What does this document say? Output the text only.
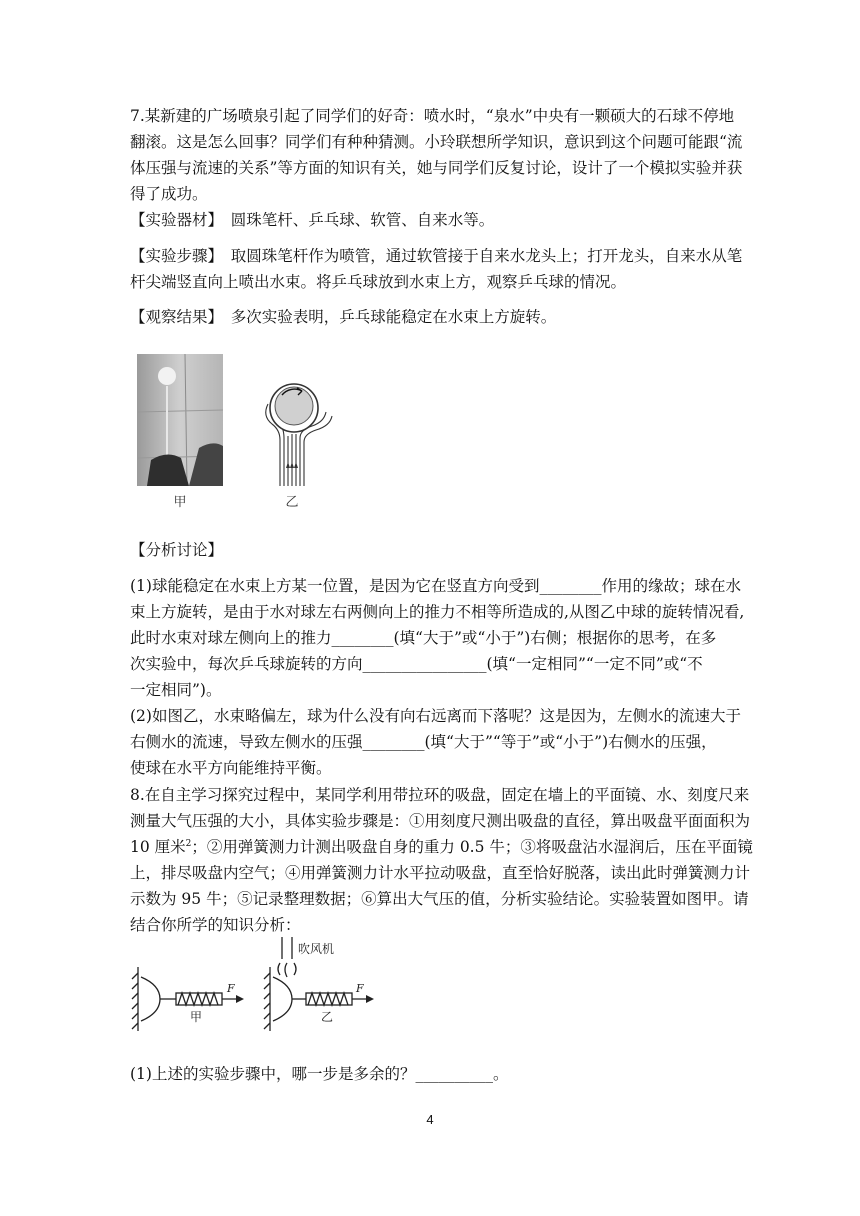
7.某新建的广场喷泉引起了同学们的好奇：喷水时，“泉水”中央有一颗硕大的石球不停地
翻滚。这是怎么回事？同学们有种种猜测。小玲联想所学知识，意识到这个问题可能跟“流
体压强与流速的关系”等方面的知识有关，她与同学们反复讨论，设计了一个模拟实验并获
得了成功。

【实验器材】　圆珠笔杆、乒乓球、软管、自来水等。

【实验步骤】　取圆珠笔杆作为喷管，通过软管接于自来水龙头上；打开龙头，自来水从笔
杆尖端竖直向上喷出水束。将乒乓球放到水束上方，观察乒乓球的情况。

【观察结果】　多次实验表明，乒乓球能稳定在水束上方旋转。

甲	乙

【分析讨论】

(1)球能稳定在水束上方某一位置，是因为它在竖直方向受到________作用的缘故；球在水
束上方旋转，是由于水对球左右两侧向上的推力不相等所造成的,从图乙中球的旋转情况看,
此时水束对球左侧向上的推力________(填“大于”或“小于”)右侧；根据你的思考，在多
次实验中，每次乒乓球旋转的方向________________(填“一定相同”“一定不同”或“不
一定相同”)。

(2)如图乙，水束略偏左，球为什么没有向右远离而下落呢？这是因为，左侧水的流速大于
右侧水的流速，导致左侧水的压强________(填“大于”“等于”或“小于”)右侧水的压强，
使球在水平方向能维持平衡。

8.在自主学习探究过程中，某同学利用带拉环的吸盘，固定在墙上的平面镜、水、刻度尺来
测量大气压强的大小，具体实验步骤是：①用刻度尺测出吸盘的直径，算出吸盘平面面积为
10 厘米$^2$；②用弹簧测力计测出吸盘自身的重力 0.5 牛；③将吸盘沾水湿润后，压在平面镜
上，排尽吸盘内空气；④用弹簧测力计水平拉动吸盘，直至恰好脱落，读出此时弹簧测力计
示数为 95 牛；⑤记录整理数据；⑥算出大气压的值，分析实验结论。实验装置如图甲。请
结合你所学的知识分析：

F
甲
吹风机
F
乙

(1)上述的实验步骤中，哪一步是多余的？__________。

4
